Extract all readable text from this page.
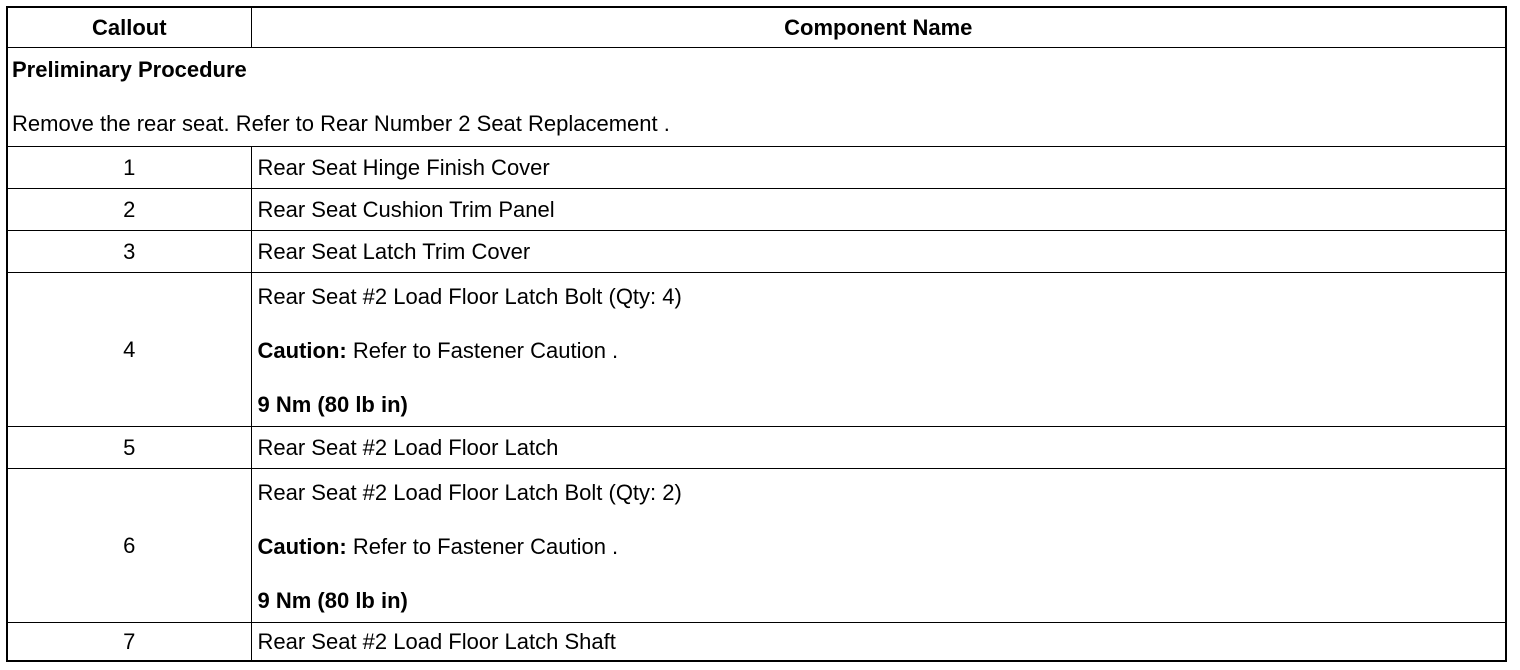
Callout	Component Name

Preliminary Procedure
Remove the rear seat. Refer to Rear Number 2 Seat Replacement .	

1	Rear Seat Hinge Finish Cover
2	Rear Seat Cushion Trim Panel
3	Rear Seat Latch Trim Cover
4	Rear Seat #2 Load Floor Latch Bolt (Qty: 4)

Caution: Refer to Fastener Caution .

9 Nm (80 lb in)

5	Rear Seat #2 Load Floor Latch
6	Rear Seat #2 Load Floor Latch Bolt (Qty: 2)

Caution: Refer to Fastener Caution .

9 Nm (80 lb in)

7	Rear Seat #2 Load Floor Latch Shaft
